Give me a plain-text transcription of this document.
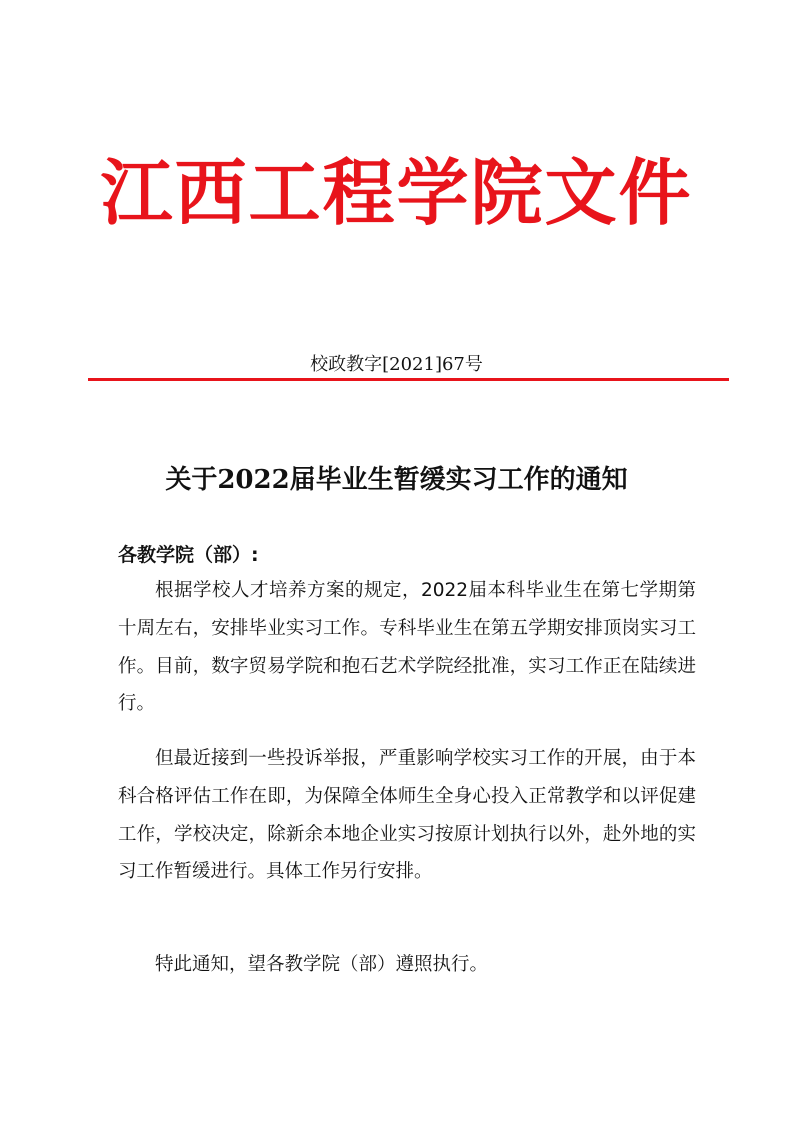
江西工程学院文件
校政教字[2021]67号
关于2022届毕业生暂缓实习工作的通知
各教学院（部）:

根据学校人才培养方案的规定，2022届本科毕业生在第七学期第十周左右，安排毕业实习工作。专科毕业生在第五学期安排顶岗实习工作。目前，数字贸易学院和抱石艺术学院经批准，实习工作正在陆续进行。

但最近接到一些投诉举报，严重影响学校实习工作的开展，由于本科合格评估工作在即，为保障全体师生全身心投入正常教学和以评促建工作，学校决定，除新余本地企业实习按原计划执行以外，赴外地的实习工作暂缓进行。具体工作另行安排。

特此通知，望各教学院（部）遵照执行。
